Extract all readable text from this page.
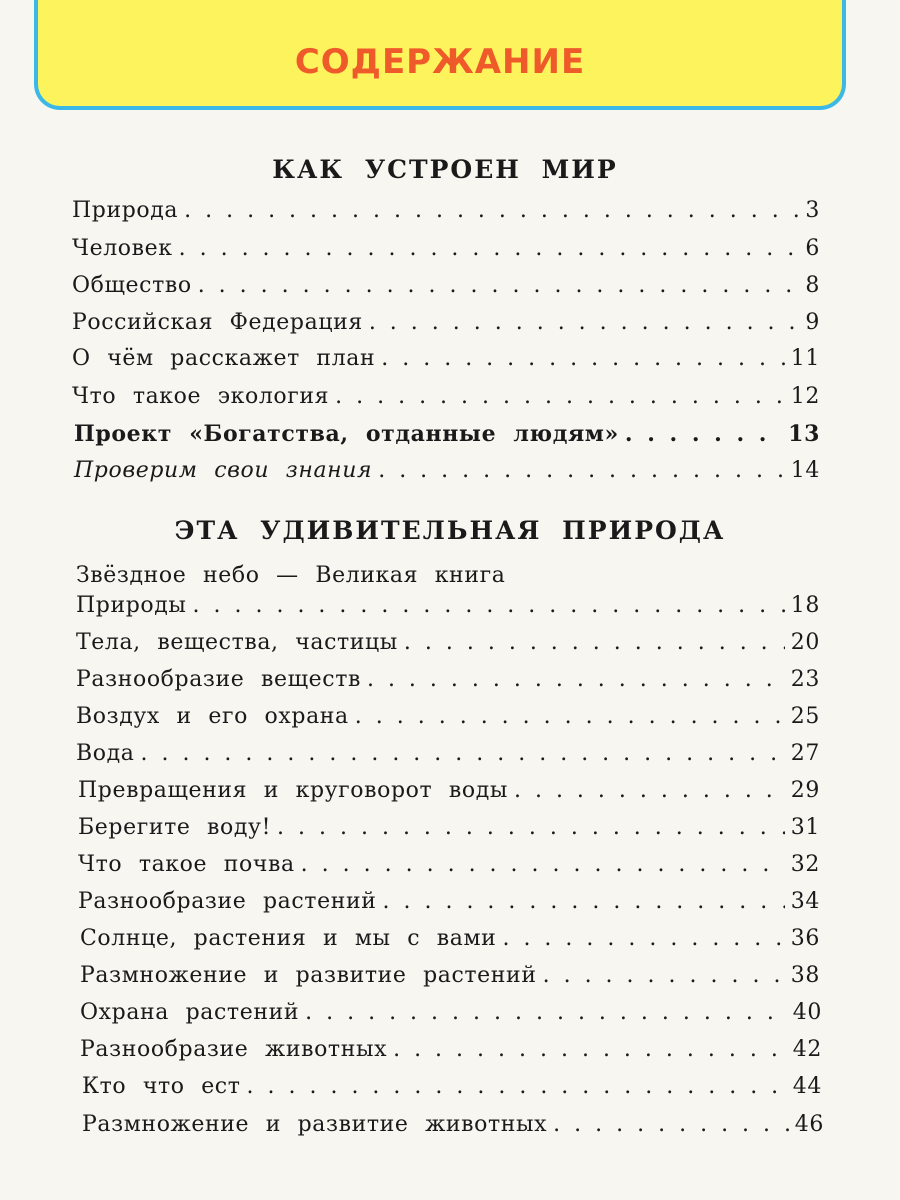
СОДЕРЖАНИЕ
КАК УСТРОЕН МИР
Природа . . .	3
Человек . . .	6
Общество . . .	8
Российская Федерация . . .	9
О чём расскажет план . . .	11
Что такое экология . . .	12
Проект «Богатства, отданные людям» . . .	13
Проверим свои знания . . .	14
ЭТА УДИВИТЕЛЬНАЯ ПРИРОДА
Звёздное небо — Великая книга
Природы . . .	18
Тела, вещества, частицы . . .	20
Разнообразие веществ . . .	23
Воздух и его охрана . . .	25
Вода . . .	27
Превращения и круговорот воды . . .	29
Берегите воду! . . .	31
Что такое почва . . .	32
Разнообразие растений . . .	34
Солнце, растения и мы с вами . . .	36
Размножение и развитие растений . . .	38
Охрана растений . . .	40
Разнообразие животных . . .	42
Кто что ест . . .	44
Размножение и развитие животных . . .	46
